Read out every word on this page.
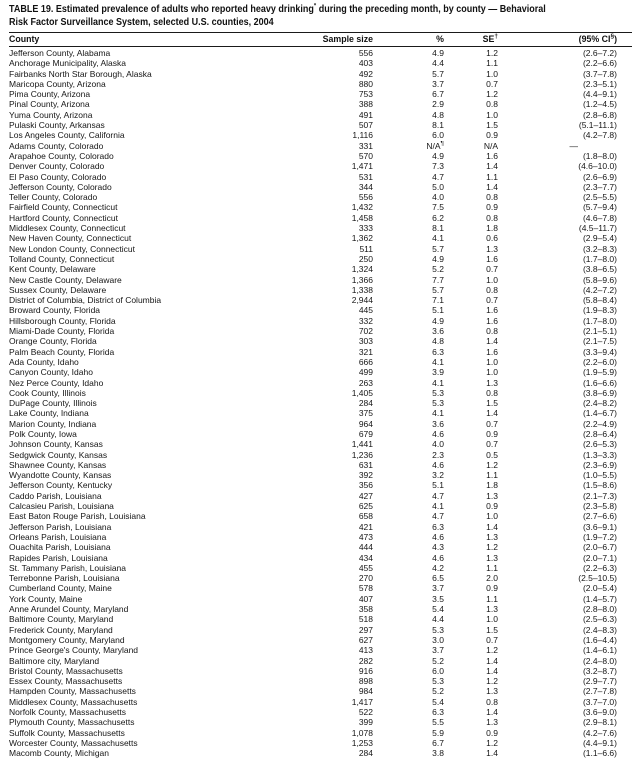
TABLE 19. Estimated prevalence of adults who reported heavy drinking* during the preceding month, by county — Behavioral
Risk Factor Surveillance System, selected U.S. counties, 2004

County	Sample size	%	SE†	(95% CI§)
Jefferson County, Alabama	556	4.9	1.2	(2.6–7.2)
Anchorage Municipality, Alaska	403	4.4	1.1	(2.2–6.6)
Fairbanks North Star Borough, Alaska	492	5.7	1.0	(3.7–7.8)
Maricopa County, Arizona	880	3.7	0.7	(2.3–5.1)
Pima County, Arizona	753	6.7	1.2	(4.4–9.1)
Pinal County, Arizona	388	2.9	0.8	(1.2–4.5)
Yuma County, Arizona	491	4.8	1.0	(2.8–6.8)
Pulaski County, Arkansas	507	8.1	1.5	(5.1–11.1)
Los Angeles County, California	1,116	6.0	0.9	(4.2–7.8)
Adams County, Colorado	331	N/A¶	N/A	—
Arapahoe County, Colorado	570	4.9	1.6	(1.8–8.0)
Denver County, Colorado	1,471	7.3	1.4	(4.6–10.0)
El Paso County, Colorado	531	4.7	1.1	(2.6–6.9)
Jefferson County, Colorado	344	5.0	1.4	(2.3–7.7)
Teller County, Colorado	556	4.0	0.8	(2.5–5.5)
Fairfield County, Connecticut	1,432	7.5	0.9	(5.7–9.4)
Hartford County, Connecticut	1,458	6.2	0.8	(4.6–7.8)
Middlesex County, Connecticut	333	8.1	1.8	(4.5–11.7)
New Haven County, Connecticut	1,362	4.1	0.6	(2.9–5.4)
New London County, Connecticut	511	5.7	1.3	(3.2–8.3)
Tolland County, Connecticut	250	4.9	1.6	(1.7–8.0)
Kent County, Delaware	1,324	5.2	0.7	(3.8–6.5)
New Castle County, Delaware	1,366	7.7	1.0	(5.8–9.6)
Sussex County, Delaware	1,338	5.7	0.8	(4.2–7.2)
District of Columbia, District of Columbia	2,944	7.1	0.7	(5.8–8.4)
Broward County, Florida	445	5.1	1.6	(1.9–8.3)
Hillsborough County, Florida	332	4.9	1.6	(1.7–8.0)
Miami-Dade County, Florida	702	3.6	0.8	(2.1–5.1)
Orange County, Florida	303	4.8	1.4	(2.1–7.5)
Palm Beach County, Florida	321	6.3	1.6	(3.3–9.4)
Ada County, Idaho	666	4.1	1.0	(2.2–6.0)
Canyon County, Idaho	499	3.9	1.0	(1.9–5.9)
Nez Perce County, Idaho	263	4.1	1.3	(1.6–6.6)
Cook County, Illinois	1,405	5.3	0.8	(3.8–6.9)
DuPage County, Illinois	284	5.3	1.5	(2.4–8.2)
Lake County, Indiana	375	4.1	1.4	(1.4–6.7)
Marion County, Indiana	964	3.6	0.7	(2.2–4.9)
Polk County, Iowa	679	4.6	0.9	(2.8–6.4)
Johnson County, Kansas	1,441	4.0	0.7	(2.6–5.3)
Sedgwick County, Kansas	1,236	2.3	0.5	(1.3–3.3)
Shawnee County, Kansas	631	4.6	1.2	(2.3–6.9)
Wyandotte County, Kansas	392	3.2	1.1	(1.0–5.5)
Jefferson County, Kentucky	356	5.1	1.8	(1.5–8.6)
Caddo Parish, Louisiana	427	4.7	1.3	(2.1–7.3)
Calcasieu Parish, Louisiana	625	4.1	0.9	(2.3–5.8)
East Baton Rouge Parish, Louisiana	658	4.7	1.0	(2.7–6.6)
Jefferson Parish, Louisiana	421	6.3	1.4	(3.6–9.1)
Orleans Parish, Louisiana	473	4.6	1.3	(1.9–7.2)
Ouachita Parish, Louisiana	444	4.3	1.2	(2.0–6.7)
Rapides Parish, Louisiana	434	4.6	1.3	(2.0–7.1)
St. Tammany Parish, Louisiana	455	4.2	1.1	(2.2–6.3)
Terrebonne Parish, Louisiana	270	6.5	2.0	(2.5–10.5)
Cumberland County, Maine	578	3.7	0.9	(2.0–5.4)
York County, Maine	407	3.5	1.1	(1.4–5.7)
Anne Arundel County, Maryland	358	5.4	1.3	(2.8–8.0)
Baltimore County, Maryland	518	4.4	1.0	(2.5–6.3)
Frederick County, Maryland	297	5.3	1.5	(2.4–8.3)
Montgomery County, Maryland	627	3.0	0.7	(1.6–4.4)
Prince George's County, Maryland	413	3.7	1.2	(1.4–6.1)
Baltimore city, Maryland	282	5.2	1.4	(2.4–8.0)
Bristol County, Massachusetts	916	6.0	1.4	(3.2–8.7)
Essex County, Massachusetts	898	5.3	1.2	(2.9–7.7)
Hampden County, Massachusetts	984	5.2	1.3	(2.7–7.8)
Middlesex County, Massachusetts	1,417	5.4	0.8	(3.7–7.0)
Norfolk County, Massachusetts	522	6.3	1.4	(3.6–9.0)
Plymouth County, Massachusetts	399	5.5	1.3	(2.9–8.1)
Suffolk County, Massachusetts	1,078	5.9	0.9	(4.2–7.6)
Worcester County, Massachusetts	1,253	6.7	1.2	(4.4–9.1)
Macomb County, Michigan	284	3.8	1.4	(1.1–6.6)
